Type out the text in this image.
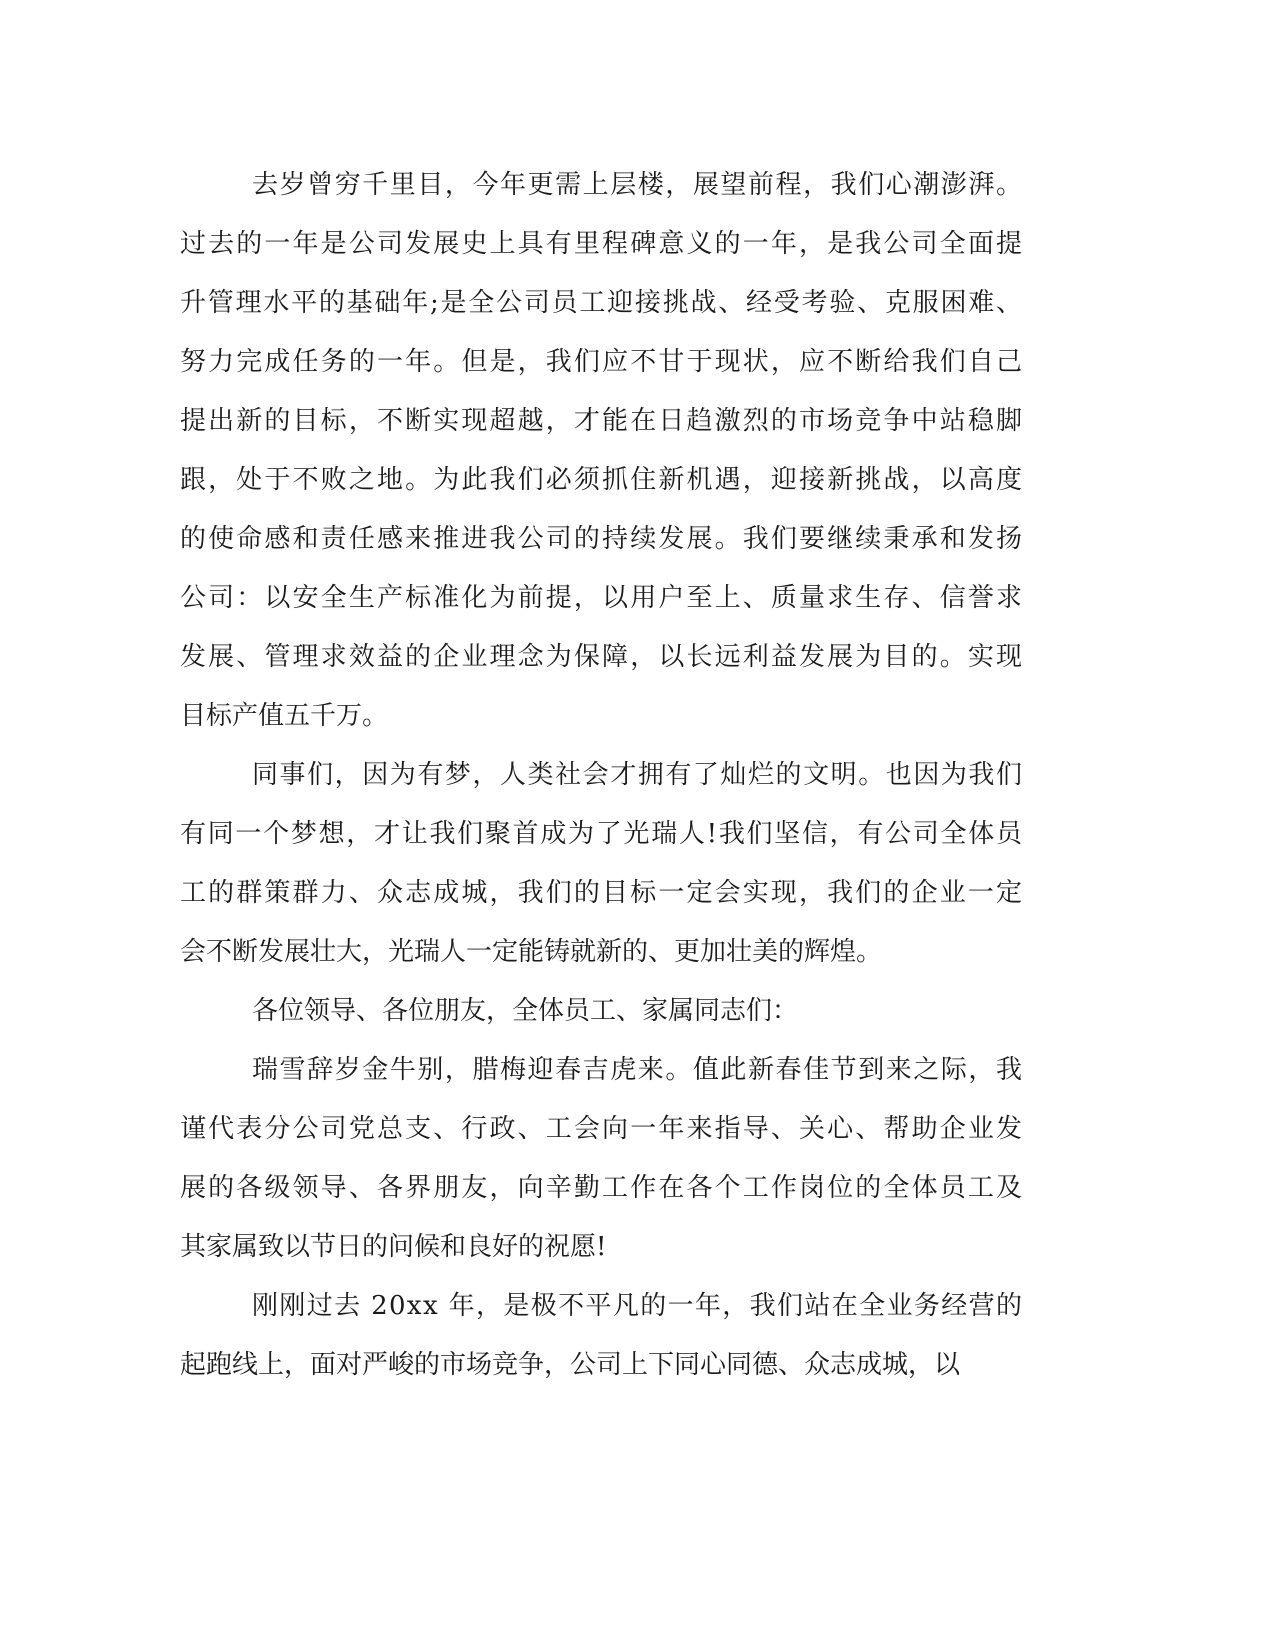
去岁曾穷千里目，今年更需上层楼，展望前程，我们心潮澎湃。

过去的一年是公司发展史上具有里程碑意义的一年，是我公司全面提

升管理水平的基础年;是全公司员工迎接挑战、经受考验、克服困难、

努力完成任务的一年。但是，我们应不甘于现状，应不断给我们自己

提出新的目标，不断实现超越，才能在日趋激烈的市场竞争中站稳脚

跟，处于不败之地。为此我们必须抓住新机遇，迎接新挑战，以高度

的使命感和责任感来推进我公司的持续发展。我们要继续秉承和发扬

公司：以安全生产标准化为前提，以用户至上、质量求生存、信誉求

发展、管理求效益的企业理念为保障，以长远利益发展为目的。实现

目标产值五千万。

同事们，因为有梦，人类社会才拥有了灿烂的文明。也因为我们

有同一个梦想，才让我们聚首成为了光瑞人!我们坚信，有公司全体员

工的群策群力、众志成城，我们的目标一定会实现，我们的企业一定

会不断发展壮大，光瑞人一定能铸就新的、更加壮美的辉煌。

各位领导、各位朋友，全体员工、家属同志们：

瑞雪辞岁金牛别，腊梅迎春吉虎来。值此新春佳节到来之际，我

谨代表分公司党总支、行政、工会向一年来指导、关心、帮助企业发

展的各级领导、各界朋友，向辛勤工作在各个工作岗位的全体员工及

其家属致以节日的问候和良好的祝愿!

刚刚过去 20xx 年，是极不平凡的一年，我们站在全业务经营的

起跑线上，面对严峻的市场竞争，公司上下同心同德、众志成城，以
